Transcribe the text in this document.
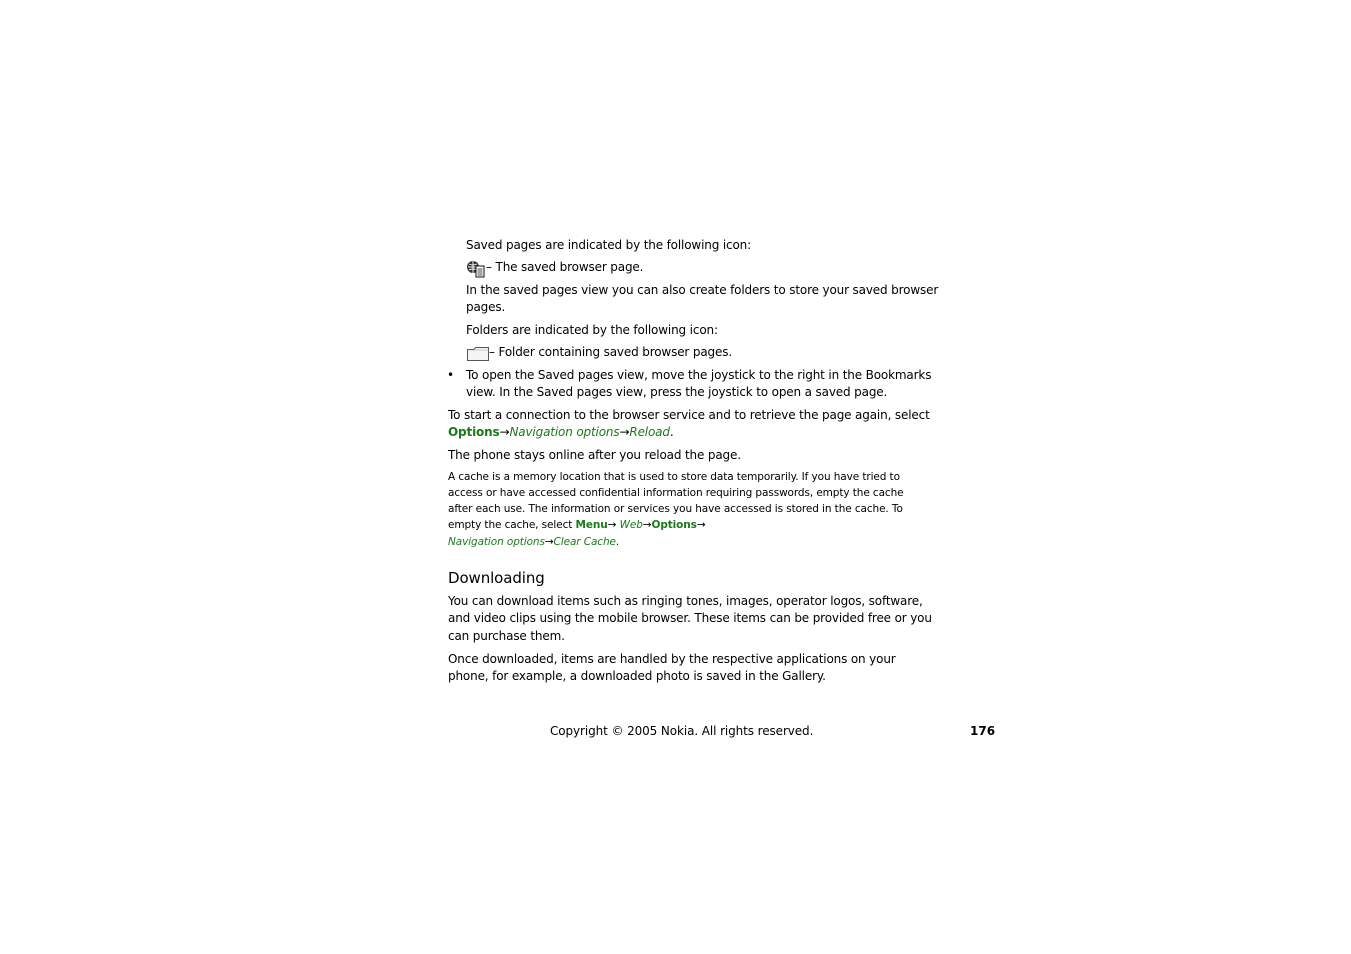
Saved pages are indicated by the following icon:
– The saved browser page.
In the saved pages view you can also create folders to store your saved browser
pages.
Folders are indicated by the following icon:
– Folder containing saved browser pages.
• To open the Saved pages view, move the joystick to the right in the Bookmarks
view. In the Saved pages view, press the joystick to open a saved page.
To start a connection to the browser service and to retrieve the page again, select
Options→Navigation options→Reload.
The phone stays online after you reload the page.
A cache is a memory location that is used to store data temporarily. If you have tried to
access or have accessed confidential information requiring passwords, empty the cache
after each use. The information or services you have accessed is stored in the cache. To
empty the cache, select Menu→ Web→Options→
Navigation options→Clear Cache.
Downloading
You can download items such as ringing tones, images, operator logos, software,
and video clips using the mobile browser. These items can be provided free or you
can purchase them.
Once downloaded, items are handled by the respective applications on your
phone, for example, a downloaded photo is saved in the Gallery.
Copyright © 2005 Nokia. All rights reserved.	176
